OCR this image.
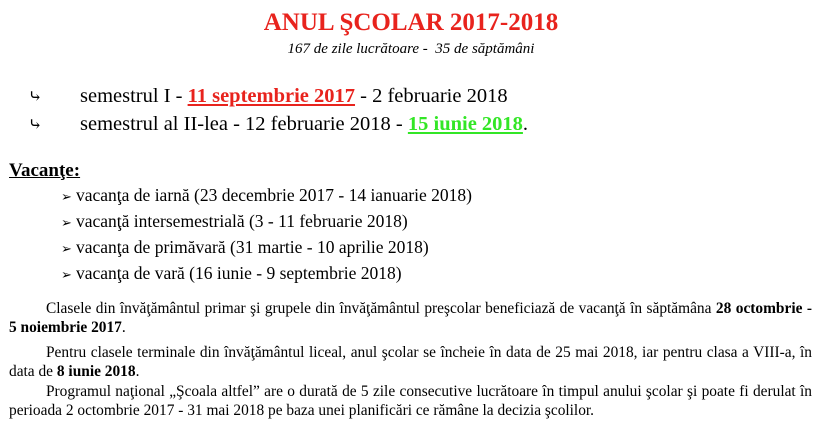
ANUL ŞCOLAR 2017-2018
167 de zile lucrătoare -  35 de săptămâni
⤷ semestrul I - 11 septembrie 2017 - 2 februarie 2018
⤷ semestrul al II-lea - 12 februarie 2018 - 15 iunie 2018.
Vacanţe:
➢ vacanţa de iarnă (23 decembrie 2017 - 14 ianuarie 2018)
➢ vacanţă intersemestrială (3 - 11 februarie 2018)
➢ vacanţa de primăvară (31 martie - 10 aprilie 2018)
➢ vacanţa de vară (16 iunie - 9 septembrie 2018)
Clasele din învăţământul primar şi grupele din învăţământul preşcolar beneficiază de vacanţă în săptămâna 28 octombrie - 5 noiembrie 2017.
Pentru clasele terminale din învăţământul liceal, anul şcolar se încheie în data de 25 mai 2018, iar pentru clasa a VIII-a, în data de 8 iunie 2018.
Programul naţional „Şcoala altfel” are o durată de 5 zile consecutive lucrătoare în timpul anului şcolar şi poate fi derulat în perioada 2 octombrie 2017 - 31 mai 2018 pe baza unei planificări ce rămâne la decizia şcolilor.
